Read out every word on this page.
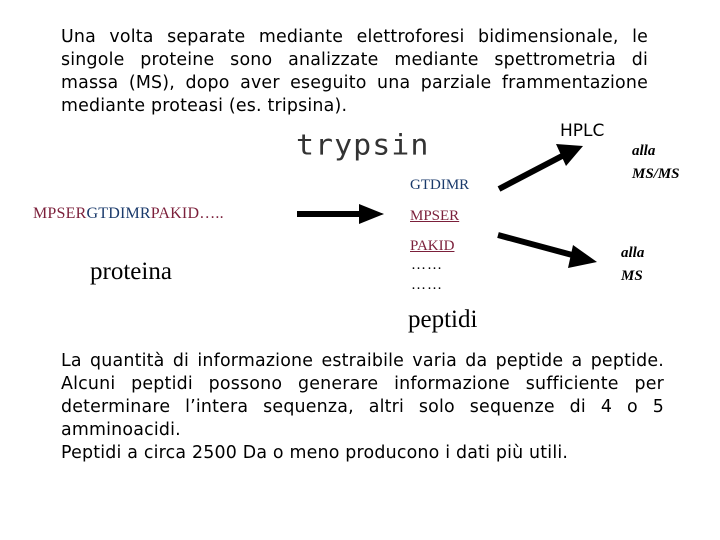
Una volta separate mediante elettroforesi bidimensionale, le singole proteine sono analizzate mediante spettrometria di massa (MS), dopo aver eseguito una parziale frammentazione mediante proteasi (es. tripsina).

HPLC
trypsin
MPSERGTDIMRPAKID…..
proteina
GTDIMR
MPSER
PAKID
……
……
peptidi
alla
MS/MS
alla
MS

La quantità di informazione estraibile varia da peptide a peptide. Alcuni peptidi possono generare informazione sufficiente per determinare l’intera sequenza, altri solo sequenze di 4 o 5 amminoacidi.

Peptidi a circa 2500 Da o meno producono i dati più utili.
